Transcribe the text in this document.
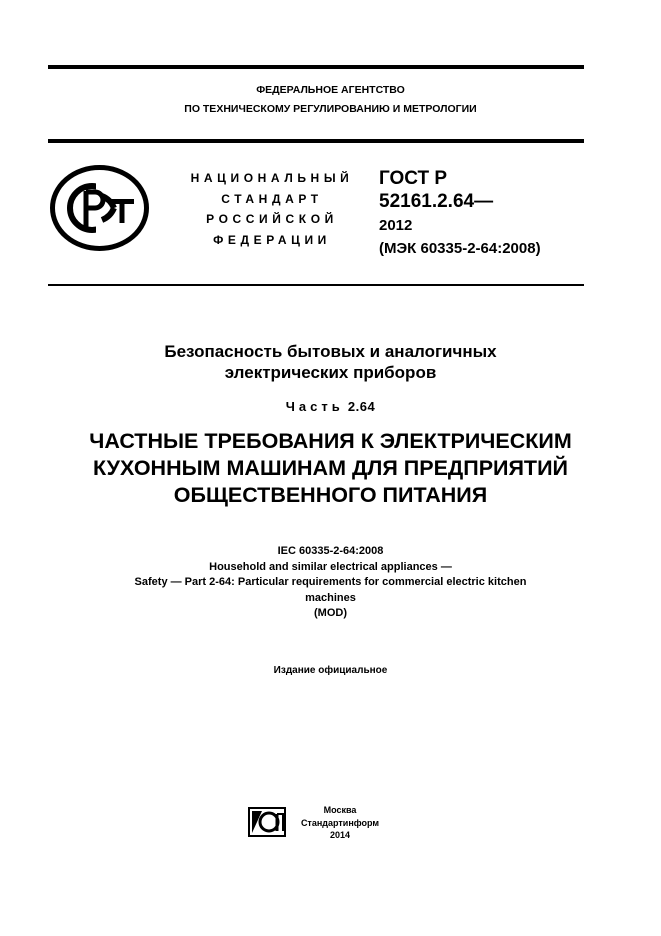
ФЕДЕРАЛЬНОЕ АГЕНТСТВО
ПО ТЕХНИЧЕСКОМУ РЕГУЛИРОВАНИЮ И МЕТРОЛОГИИ
НАЦИОНАЛЬНЫЙ
СТАНДАРТ
РОССИЙСКОЙ
ФЕДЕРАЦИИ
ГОСТ Р
52161.2.64—
2012
(МЭК 60335-2-64:2008)
Безопасность бытовых и аналогичных
электрических приборов
Часть 2.64
ЧАСТНЫЕ ТРЕБОВАНИЯ К ЭЛЕКТРИЧЕСКИМ
КУХОННЫМ МАШИНАМ ДЛЯ ПРЕДПРИЯТИЙ
ОБЩЕСТВЕННОГО ПИТАНИЯ
IEC 60335-2-64:2008
Household and similar electrical appliances —
Safety — Part 2-64: Particular requirements for commercial electric kitchen
machines
(MOD)
Издание официальное
Москва
Стандартинформ
2014
